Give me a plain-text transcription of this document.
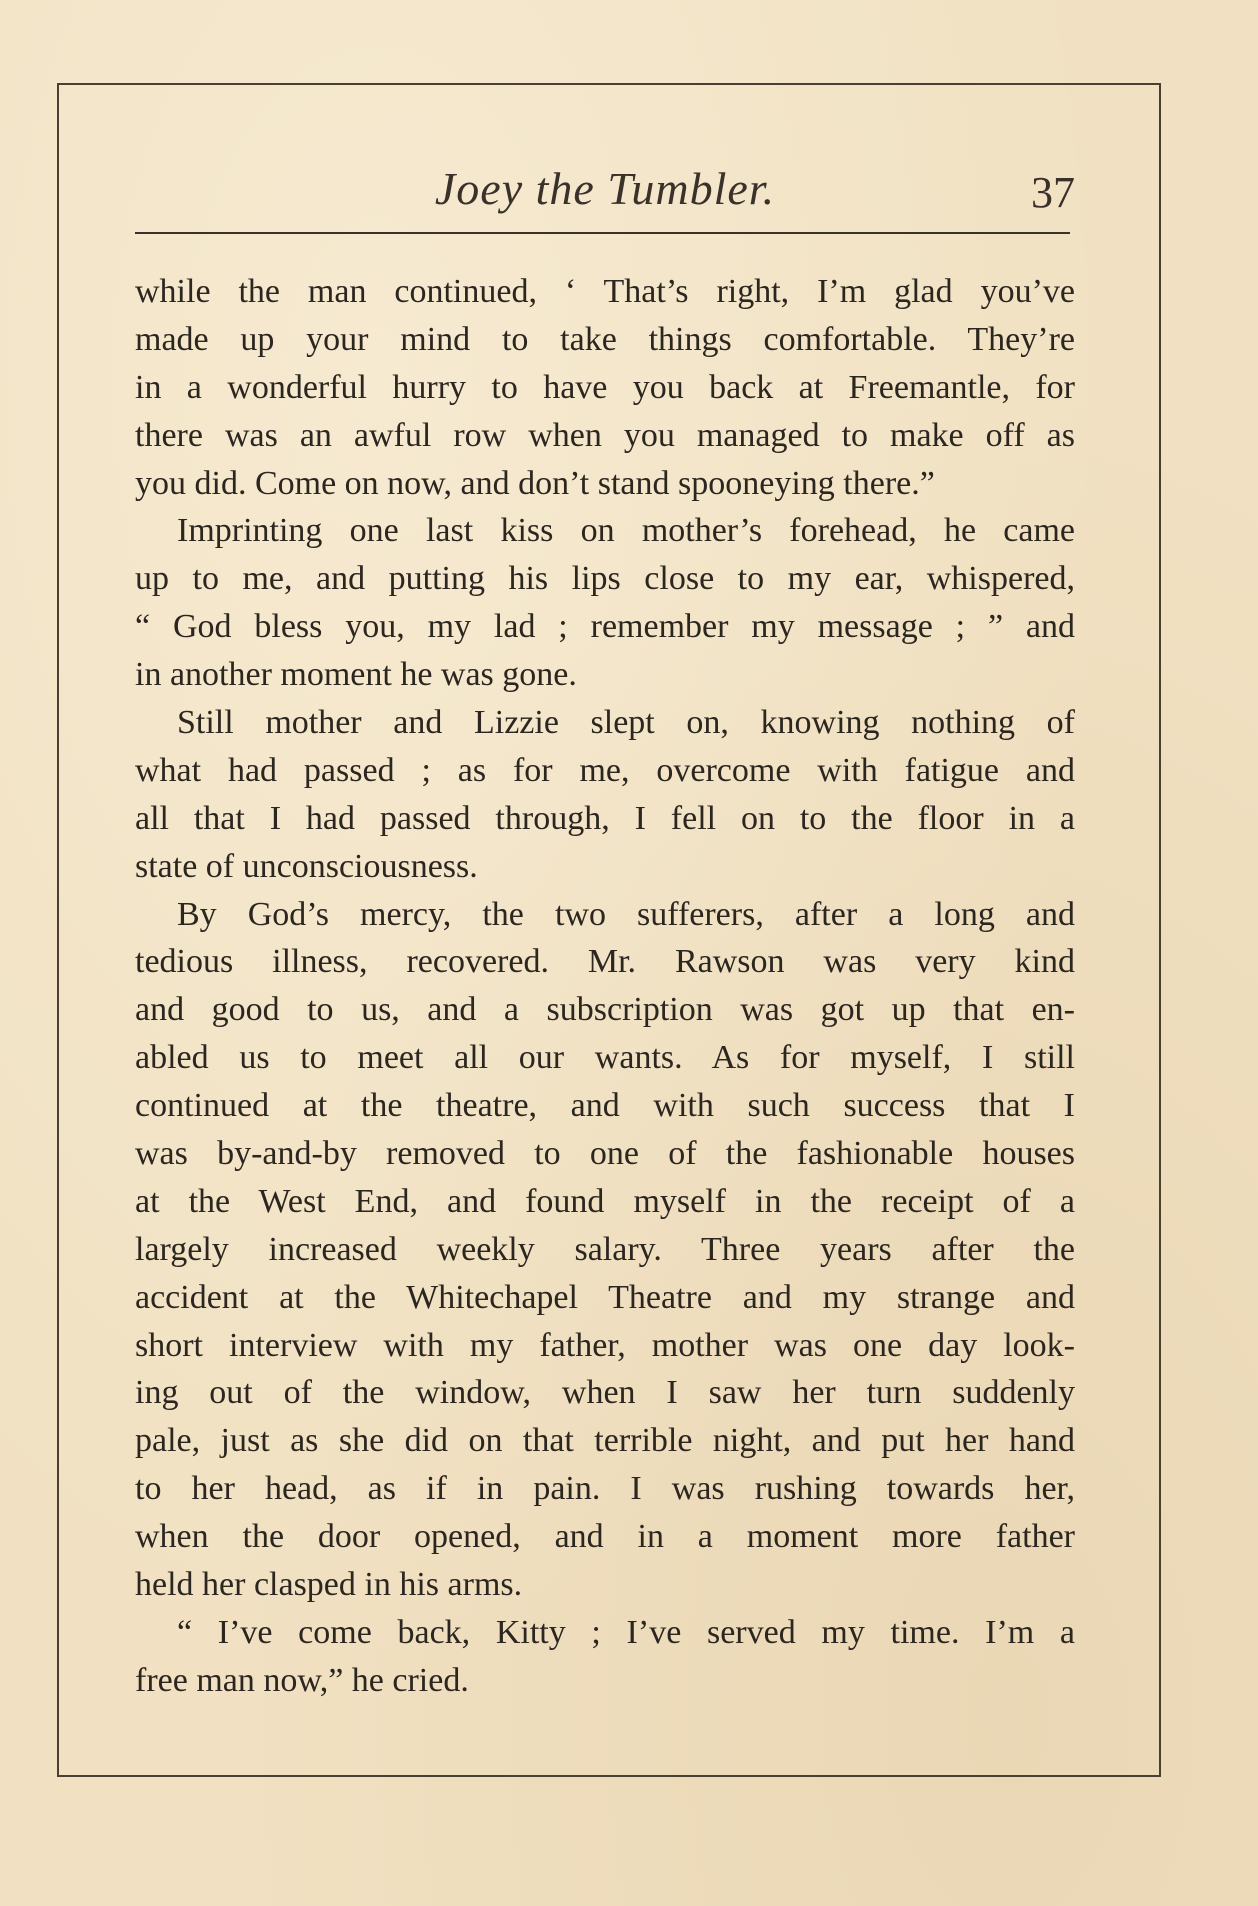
Joey the Tumbler.	37
while the man continued, ‘ That’s right, I’m glad you’ve
made up your mind to take things comfortable. They’re
in a wonderful hurry to have you back at Freemantle, for
there was an awful row when you managed to make off as
you did. Come on now, and don’t stand spooneying there.”
Imprinting one last kiss on mother’s forehead, he came
up to me, and putting his lips close to my ear, whispered,
“ God bless you, my lad ; remember my message ; ” and
in another moment he was gone.
Still mother and Lizzie slept on, knowing nothing of
what had passed ; as for me, overcome with fatigue and
all that I had passed through, I fell on to the floor in a
state of unconsciousness.
By God’s mercy, the two sufferers, after a long and
tedious illness, recovered. Mr. Rawson was very kind
and good to us, and a subscription was got up that en-
abled us to meet all our wants. As for myself, I still
continued at the theatre, and with such success that I
was by-and-by removed to one of the fashionable houses
at the West End, and found myself in the receipt of a
largely increased weekly salary. Three years after the
accident at the Whitechapel Theatre and my strange and
short interview with my father, mother was one day look-
ing out of the window, when I saw her turn suddenly
pale, just as she did on that terrible night, and put her hand
to her head, as if in pain. I was rushing towards her,
when the door opened, and in a moment more father
held her clasped in his arms.
“ I’ve come back, Kitty ; I’ve served my time. I’m a
free man now,” he cried.
